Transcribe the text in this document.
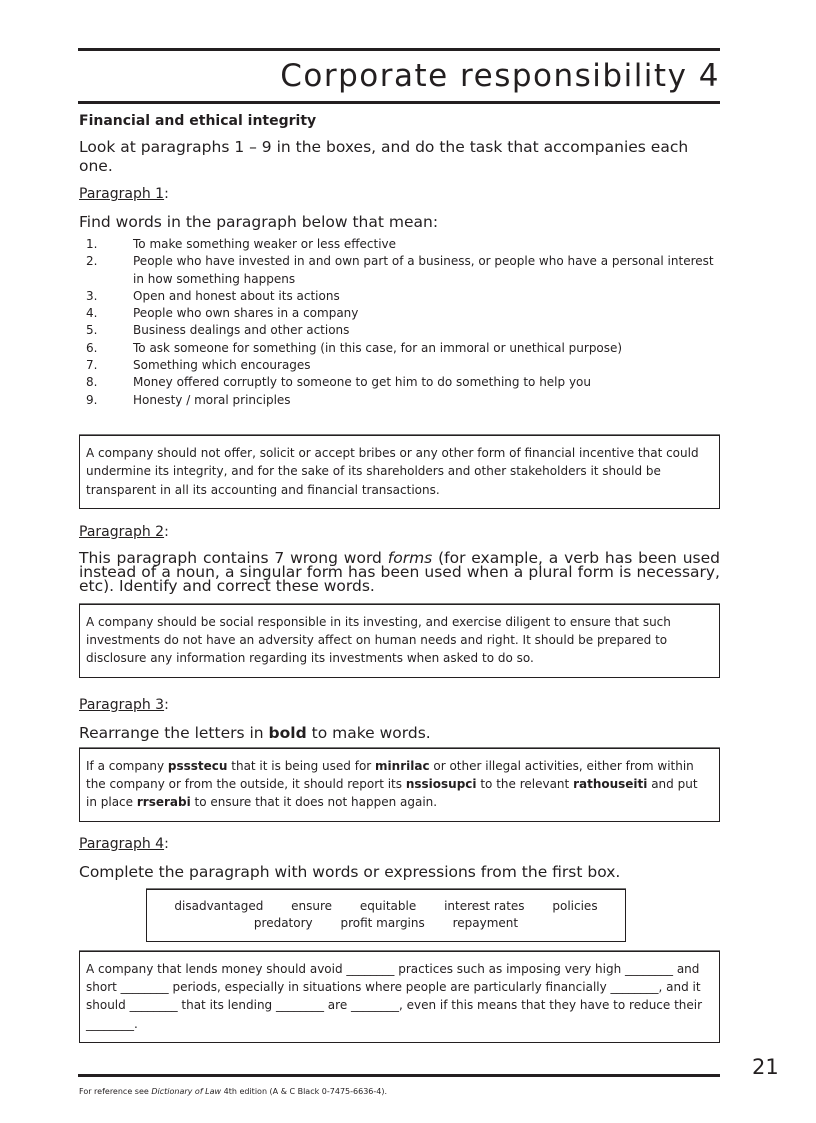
Corporate responsibility 4

Financial and ethical integrity

Look at paragraphs 1 – 9 in the boxes, and do the task that accompanies each one.

Paragraph 1:

Find words in the paragraph below that mean:

1.	To make something weaker or less effective
2.	People who have invested in and own part of a business, or people who have a personal interest in how something happens
3.	Open and honest about its actions
4.	People who own shares in a company
5.	Business dealings and other actions
6.	To ask someone for something (in this case, for an immoral or unethical purpose)
7.	Something which encourages
8.	Money offered corruptly to someone to get him to do something to help you
9.	Honesty / moral principles
A company should not offer, solicit or accept bribes or any other form of financial incentive that could undermine its integrity, and for the sake of its shareholders and other stakeholders it should be transparent in all its accounting and financial transactions.

Paragraph 2:

This paragraph contains 7 wrong word forms (for example, a verb has been used instead of a noun, a singular form has been used when a plural form is necessary, etc). Identify and correct these words.

A company should be social responsible in its investing, and exercise diligent to ensure that such investments do not have an adversity affect on human needs and right. It should be prepared to disclosure any information regarding its investments when asked to do so.

Paragraph 3:

Rearrange the letters in bold to make words.

If a company pssstecu that it is being used for minrilac or other illegal activities, either from within the company or from the outside, it should report its nssiosupci to the relevant rathouseiti and put in place rrserabi to ensure that it does not happen again.

Paragraph 4:

Complete the paragraph with words or expressions from the first box.

disadvantaged ensure equitable interest rates policies
predatory profit margins repayment
A company that lends money should avoid ________ practices such as imposing very high ________ and short ________ periods, especially in situations where people are particularly financially ________, and it should ________ that its lending ________ are ________, even if this means that they have to reduce their ________.
21
For reference see Dictionary of Law 4th edition (A & C Black 0-7475-6636-4).
